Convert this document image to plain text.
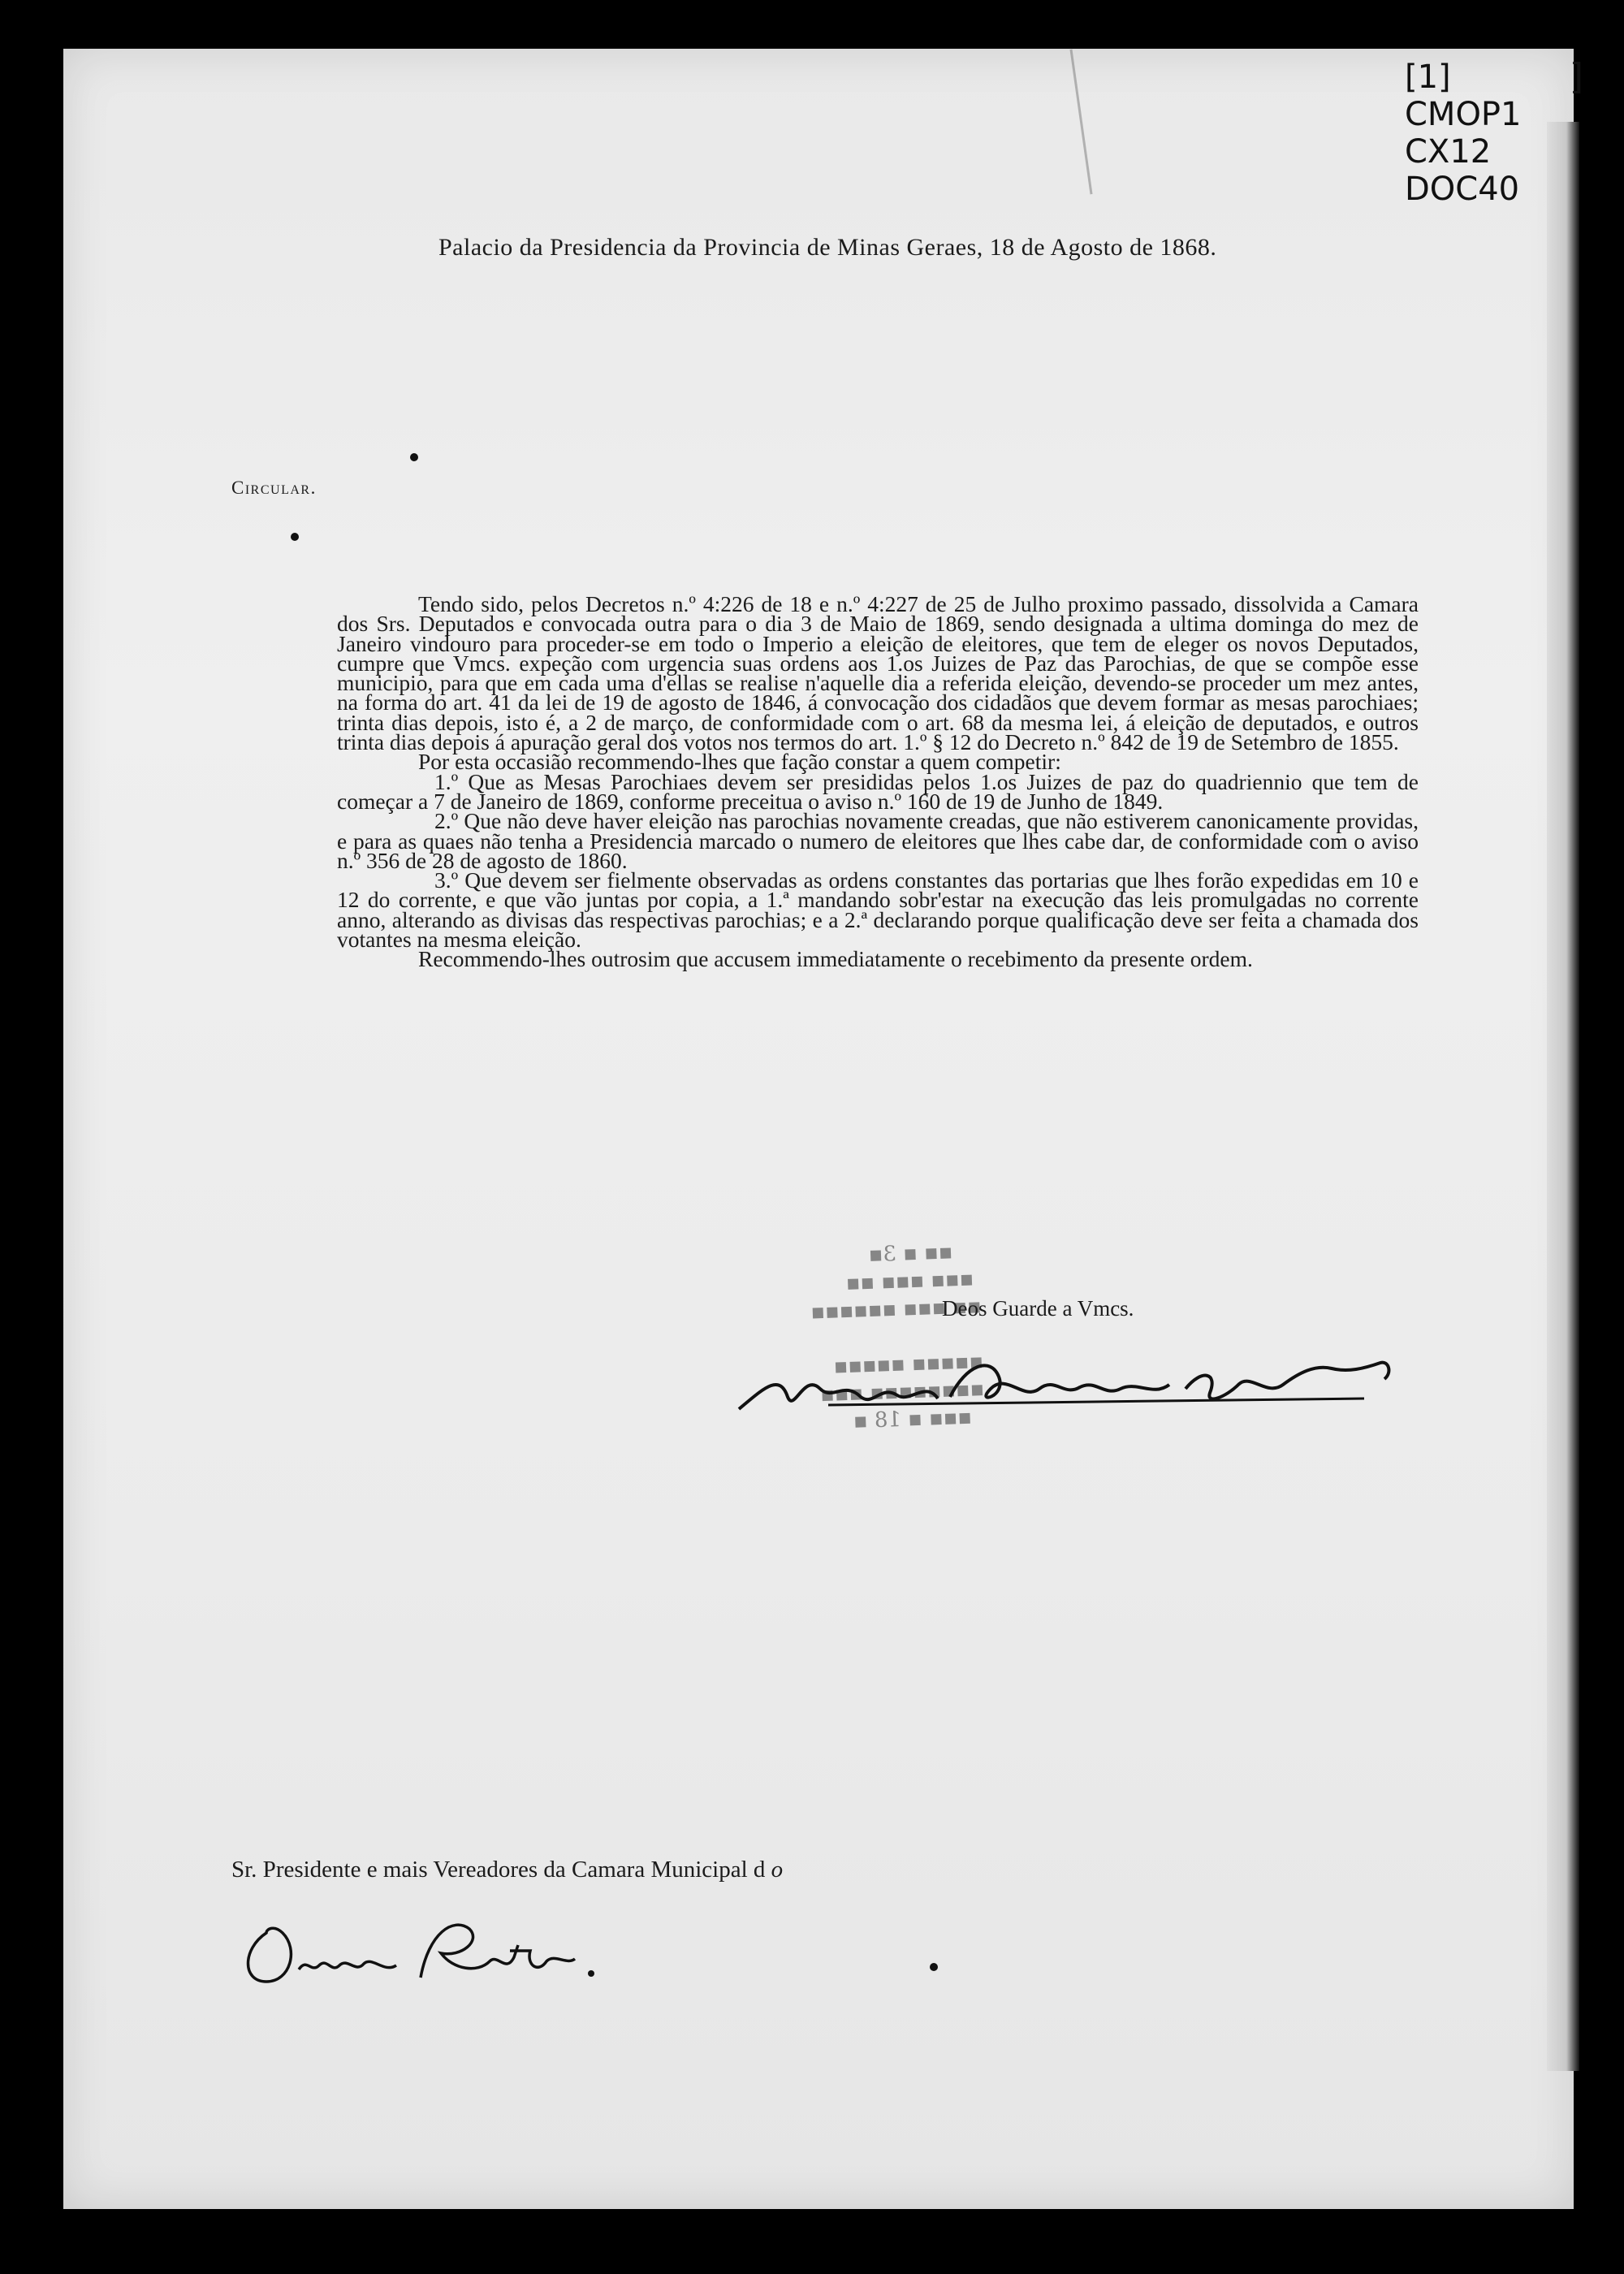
[1]
CMOP1
CX12
DOC40
]
Palacio da Presidencia da Provincia de Minas Geraes, 18 de Agosto de 1868.
Circular.

Tendo sido, pelos Decretos n.º 4:226 de 18 e n.º 4:227 de 25 de Julho proximo passado, dissolvida a Camara dos Srs. Deputados e convocada outra para o dia 3 de Maio de 1869, sendo designada a ultima dominga do mez de Janeiro vindouro para proceder-se em todo o Imperio a eleição de eleitores, que tem de eleger os novos Deputados, cumpre que Vmcs. expeção com urgencia suas ordens aos 1.os Juizes de Paz das Parochias, de que se compõe esse municipio, para que em cada uma d'ellas se realise n'aquelle dia a referida eleição, devendo-se proceder um mez antes, na forma do art. 41 da lei de 19 de agosto de 1846, á convocação dos cidadãos que devem formar as mesas parochiaes; trinta dias depois, isto é, a 2 de março, de conformidade com o art. 68 da mesma lei, á eleição de deputados, e outros trinta dias depois á apuração geral dos votos nos termos do art. 1.º § 12 do Decreto n.º 842 de 19 de Setembro de 1855.

Por esta occasião recommendo-lhes que fação constar a quem competir:

1.º Que as Mesas Parochiaes devem ser presididas pelos 1.os Juizes de paz do quadriennio que tem de começar a 7 de Janeiro de 1869, conforme preceitua o aviso n.º 160 de 19 de Junho de 1849.

2.º Que não deve haver eleição nas parochias novamente creadas, que não estiverem canonicamente providas, e para as quaes não tenha a Presidencia marcado o numero de eleitores que lhes cabe dar, de conformidade com o aviso n.º 356 de 28 de agosto de 1860.

3.º Que devem ser fielmente observadas as ordens constantes das portarias que lhes forão expedidas em 10 e 12 do corrente, e que vão juntas por copia, a 1.ª mandando sobr'estar na execução das leis promulgadas no corrente anno, alterando as divisas das respectivas parochias; e a 2.ª declarando porque qualificação deve ser feita a chamada dos votantes na mesma eleição.

Recommendo-lhes outrosim que accusem immediatamente o recebimento da presente ordem.

▪▪ ▪ 3▪
▪▪▪ ▪▪▪ ▪▪
▪▪ ▪▪▪ ▪▪▪▪▪▪

▪▪▪▪▪ ▪▪▪▪▪
▪▪▪▪▪▪▪▪ ▪▪▪
▪▪▪ ▪ 18 ▪
Deos Guarde a Vmcs.
Sr. Presidente e mais Vereadores da Camara Municipal d o
